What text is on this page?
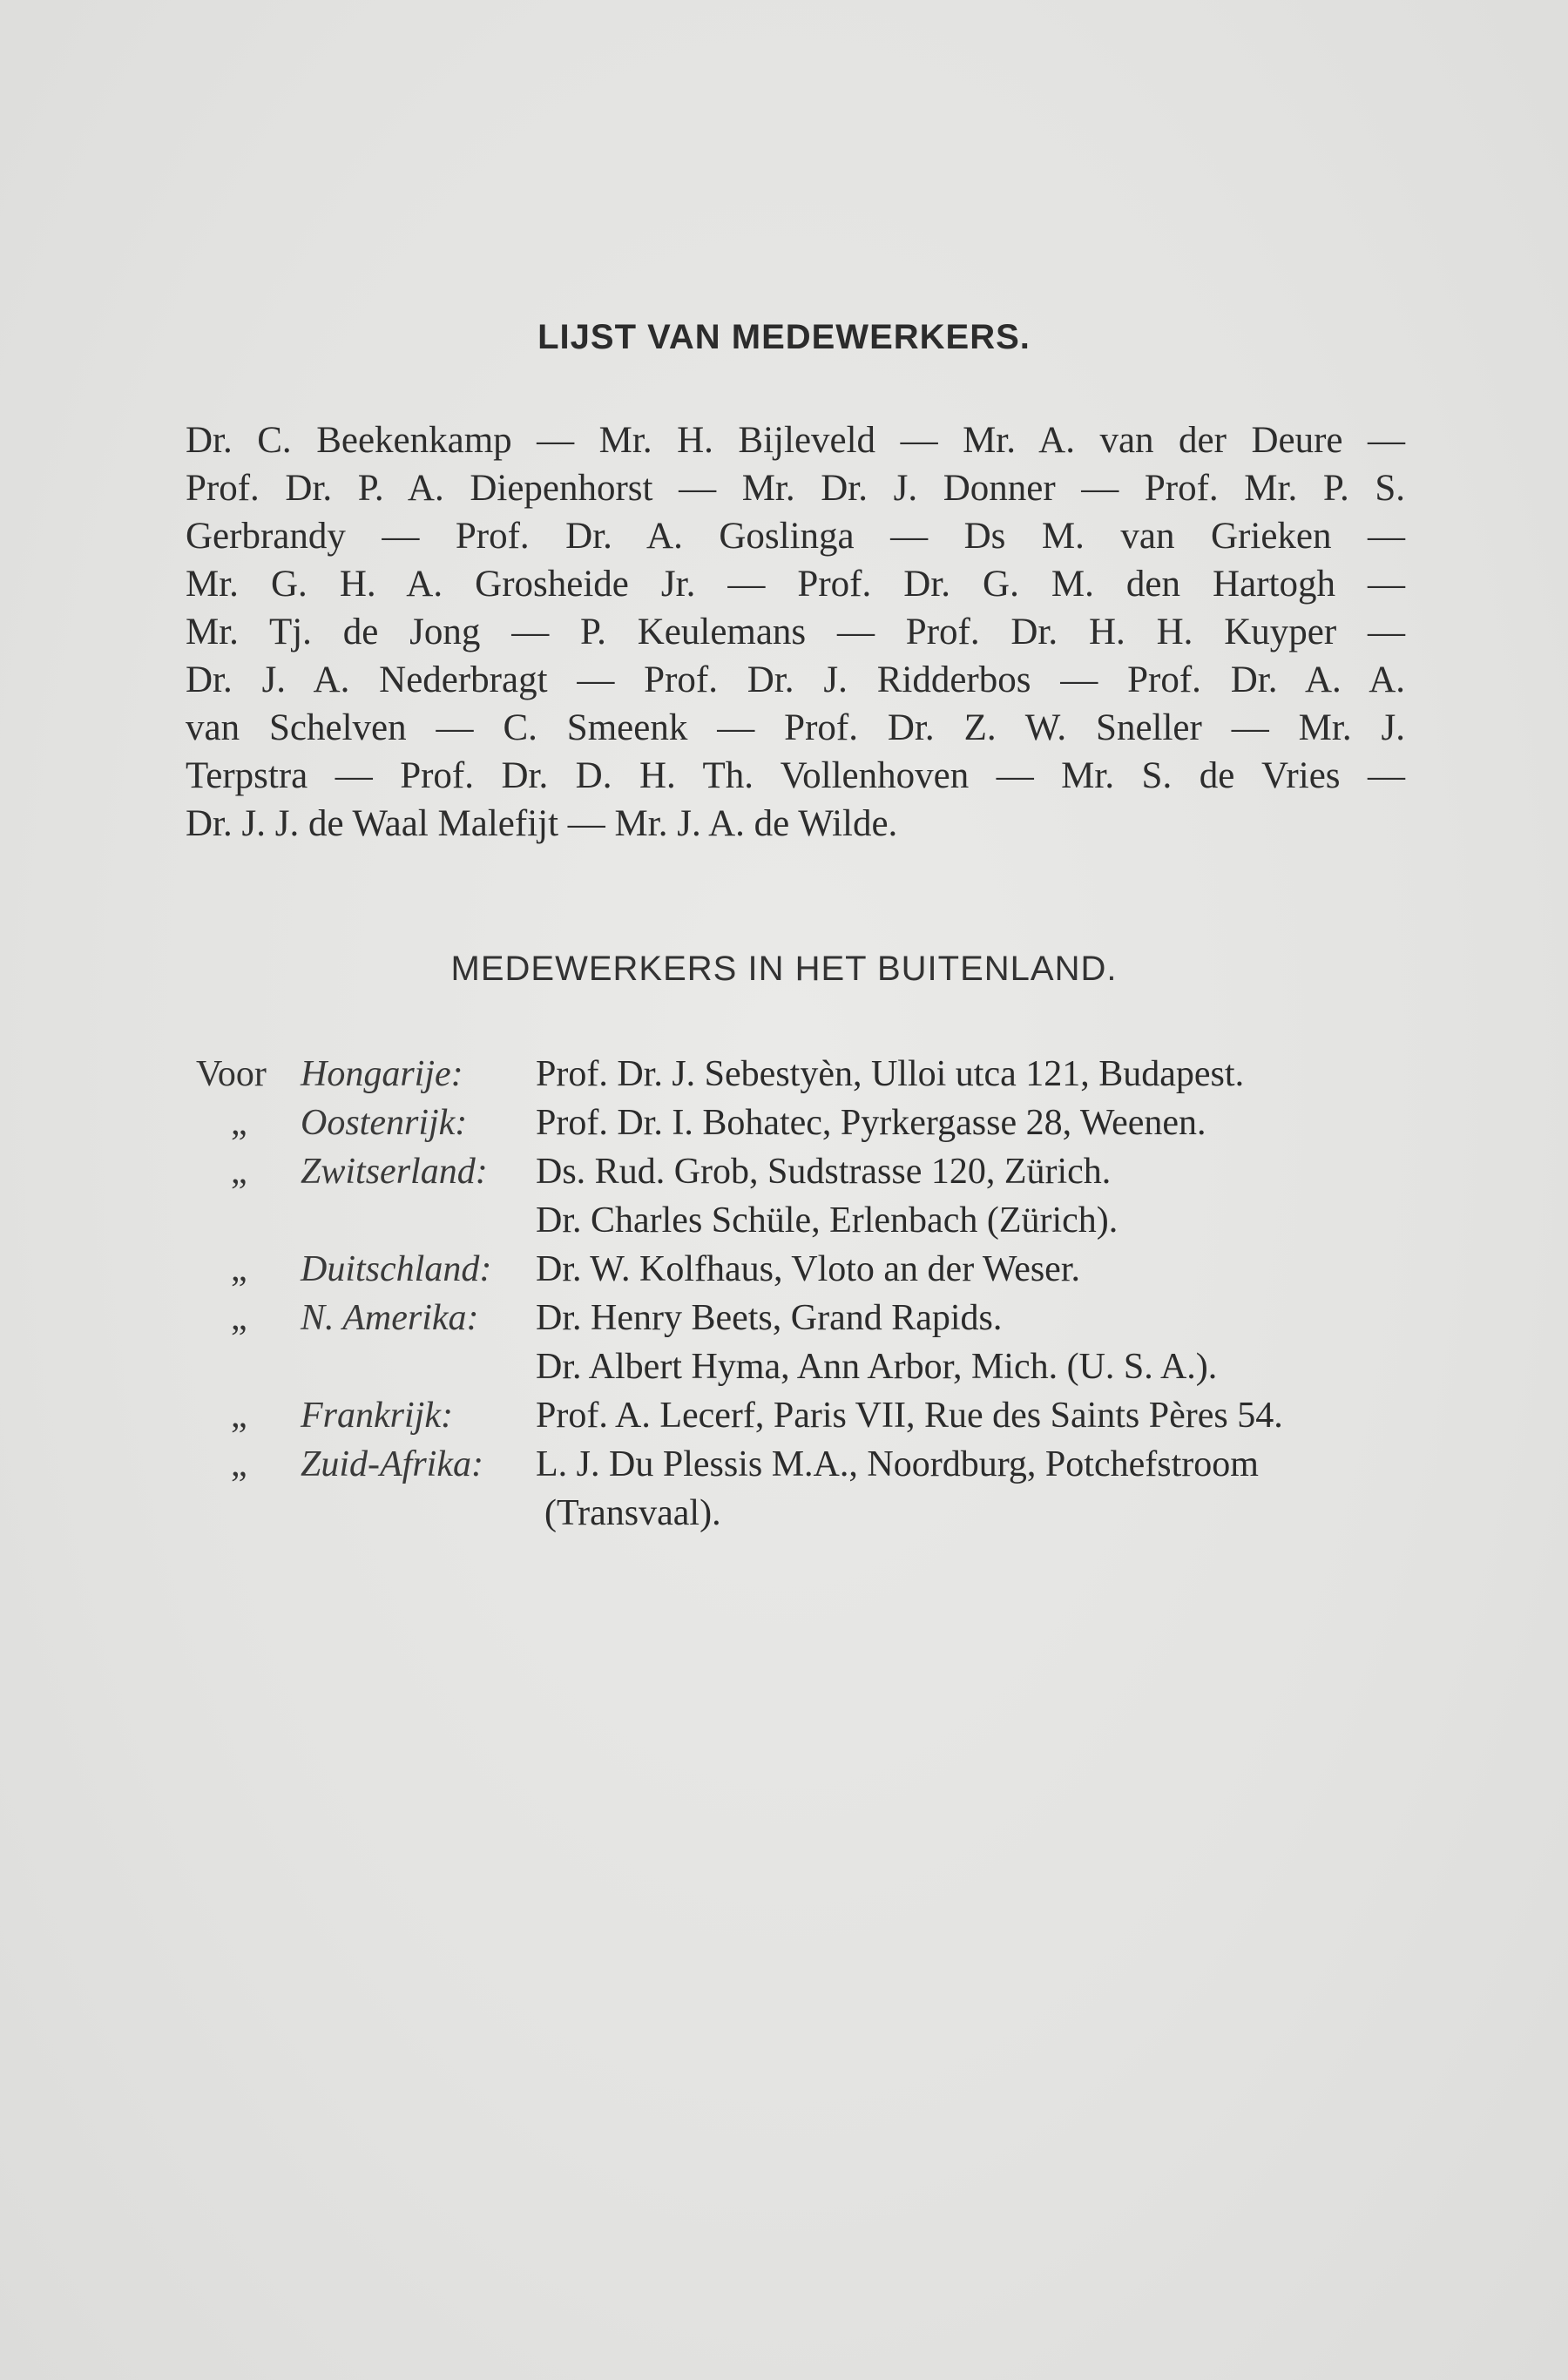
LIJST VAN MEDEWERKERS.
Dr. C. Beekenkamp — Mr. H. Bijleveld — Mr. A. van der Deure —
Prof. Dr. P. A. Diepenhorst — Mr. Dr. J. Donner — Prof. Mr. P. S.
Gerbrandy — Prof. Dr. A. Goslinga — Ds M. van Grieken —
Mr. G. H. A. Grosheide Jr. — Prof. Dr. G. M. den Hartogh —
Mr. Tj. de Jong — P. Keulemans — Prof. Dr. H. H. Kuyper —
Dr. J. A. Nederbragt — Prof. Dr. J. Ridderbos — Prof. Dr. A. A.
van Schelven — C. Smeenk — Prof. Dr. Z. W. Sneller — Mr. J.
Terpstra — Prof. Dr. D. H. Th. Vollenhoven — Mr. S. de Vries —
Dr. J. J. de Waal Malefijt — Mr. J. A. de Wilde.
MEDEWERKERS IN HET BUITENLAND.
Voor Hongarije: Prof. Dr. J. Sebestyèn, Ulloi utca 121, Budapest.
„ Oostenrijk: Prof. Dr. I. Bohatec, Pyrkergasse 28, Weenen.
„ Zwitserland: Ds. Rud. Grob, Sudstrasse 120, Zürich.
Dr. Charles Schüle, Erlenbach (Zürich).
„ Duitschland: Dr. W. Kolfhaus, Vloto an der Weser.
„ N. Amerika: Dr. Henry Beets, Grand Rapids.
Dr. Albert Hyma, Ann Arbor, Mich. (U. S. A.).
„ Frankrijk: Prof. A. Lecerf, Paris VII, Rue des Saints Pères 54.
„ Zuid-Afrika: L. J. Du Plessis M.A., Noordburg, Potchefstroom
(Transvaal).
